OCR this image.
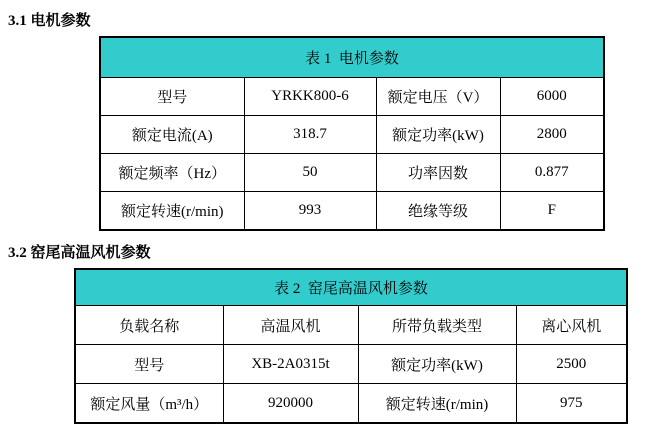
3.1 电机参数

表 1  电机参数			
型号	YRKK800-6	额定电压（V）	6000
额定电流(A)	318.7	额定功率(kW)	2800
额定频率（Hz）	50	功率因数	0.877
额定转速(r/min)	993	绝缘等级	F

3.2 窑尾高温风机参数

表 2  窑尾高温风机参数			
负载名称	高温风机	所带负载类型	离心风机
型号	XB-2A0315t	额定功率(kW)	2500
额定风量（m³/h）	920000	额定转速(r/min)	975
